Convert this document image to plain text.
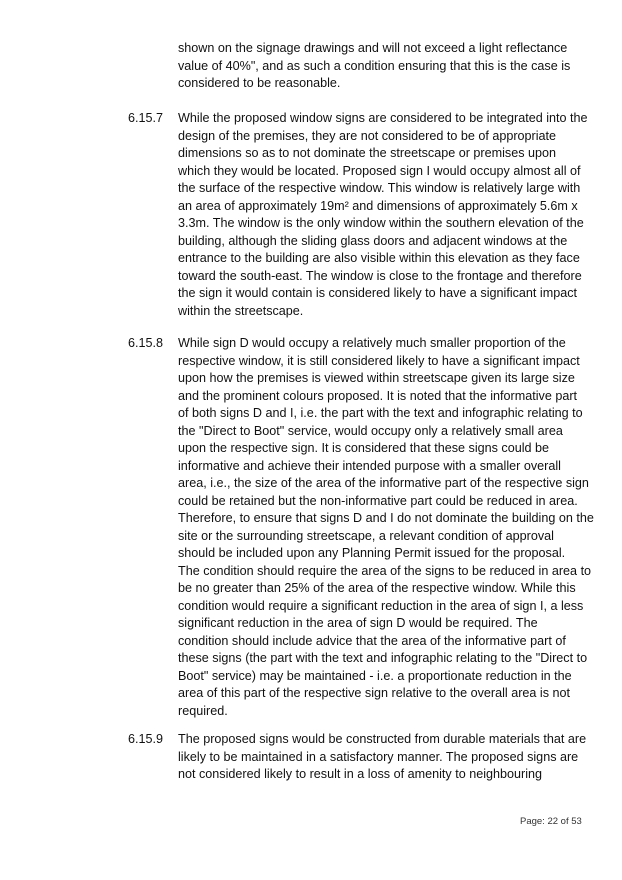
shown on the signage drawings and will not exceed a light reflectance

value of 40%", and as such a condition ensuring that this is the case is

considered to be reasonable.

6.15.7 While the proposed window signs are considered to be integrated into the

design of the premises, they are not considered to be of appropriate

dimensions so as to not dominate the streetscape or premises upon

which they would be located. Proposed sign I would occupy almost all of

the surface of the respective window. This window is relatively large with

an area of approximately 19m² and dimensions of approximately 5.6m x

3.3m. The window is the only window within the southern elevation of the

building, although the sliding glass doors and adjacent windows at the

entrance to the building are also visible within this elevation as they face

toward the south-east. The window is close to the frontage and therefore

the sign it would contain is considered likely to have a significant impact

within the streetscape.

6.15.8 While sign D would occupy a relatively much smaller proportion of the

respective window, it is still considered likely to have a significant impact

upon how the premises is viewed within streetscape given its large size

and the prominent colours proposed. It is noted that the informative part

of both signs D and I, i.e. the part with the text and infographic relating to

the "Direct to Boot" service, would occupy only a relatively small area

upon the respective sign. It is considered that these signs could be

informative and achieve their intended purpose with a smaller overall

area, i.e., the size of the area of the informative part of the respective sign

could be retained but the non-informative part could be reduced in area.

Therefore, to ensure that signs D and I do not dominate the building on the

site or the surrounding streetscape, a relevant condition of approval

should be included upon any Planning Permit issued for the proposal.

The condition should require the area of the signs to be reduced in area to

be no greater than 25% of the area of the respective window. While this

condition would require a significant reduction in the area of sign I, a less

significant reduction in the area of sign D would be required. The

condition should include advice that the area of the informative part of

these signs (the part with the text and infographic relating to the "Direct to

Boot" service) may be maintained - i.e. a proportionate reduction in the

area of this part of the respective sign relative to the overall area is not

required.

6.15.9 The proposed signs would be constructed from durable materials that are

likely to be maintained in a satisfactory manner. The proposed signs are

not considered likely to result in a loss of amenity to neighbouring

Page: 22 of 53
